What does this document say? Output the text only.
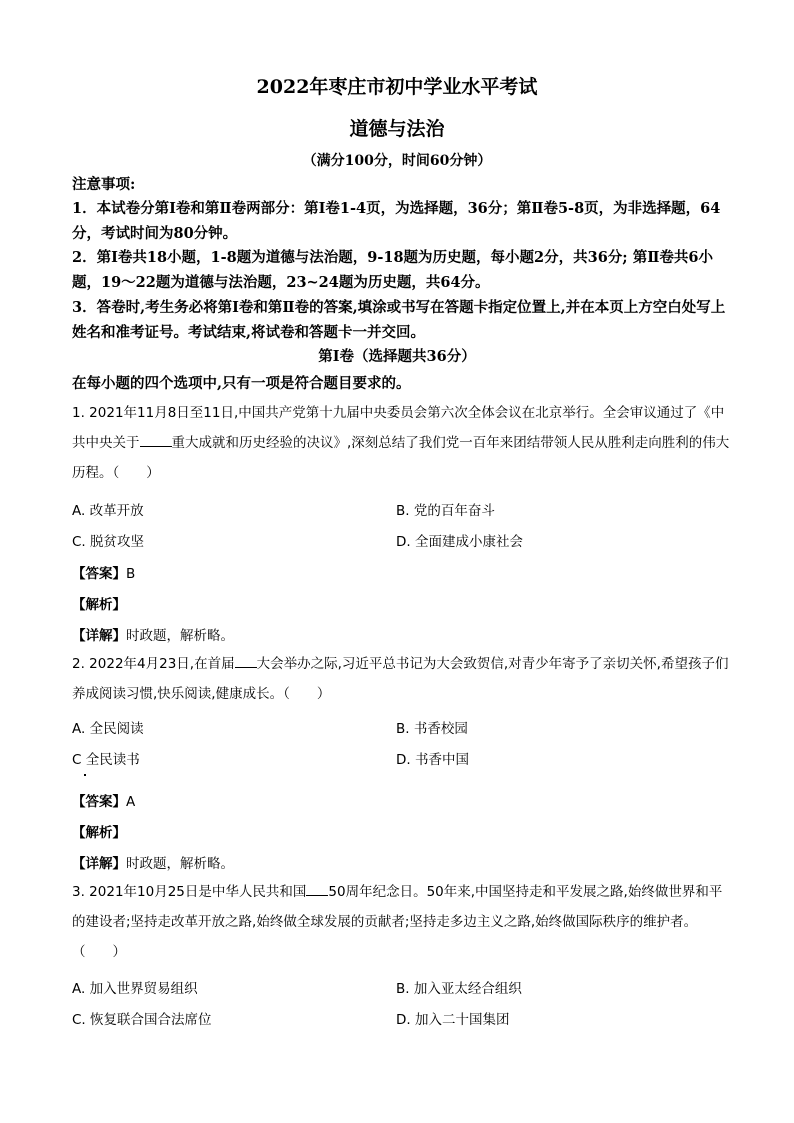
2022年枣庄市初中学业水平考试
道德与法治
（满分100分，时间60分钟）
注意事项:
1．本试卷分第Ⅰ卷和第Ⅱ卷两部分：第Ⅰ卷1-4页，为选择题，36分；第Ⅱ卷5-8页，为非选择题，64分，考试时间为80分钟。
2．第Ⅰ卷共18小题，1-8题为道德与法治题，9-18题为历史题，每小题2分，共36分; 第Ⅱ卷共6小题，19～22题为道德与法治题，23~24题为历史题，共64分。
3．答卷时,考生务必将第Ⅰ卷和第Ⅱ卷的答案,填涂或书写在答题卡指定位置上,并在本页上方空白处写上姓名和准考证号。考试结束,将试卷和答题卡一并交回。
第Ⅰ卷（选择题共36分）
在每小题的四个选项中,只有一项是符合题目要求的。
1. 2021年11月8日至11日,中国共产党第十九届中央委员会第六次全体会议在北京举行。全会审议通过了《中共中央关于 重大成就和历史经验的决议》,深刻总结了我们党一百年来团结带领人民从胜利走向胜利的伟大历程。（　　）
A. 改革开放	B. 党的百年奋斗
C. 脱贫攻坚	D. 全面建成小康社会
【答案】B
【解析】
【详解】时政题，解析略。
2. 2022年4月23日,在首届 大会举办之际,习近平总书记为大会致贺信,对青少年寄予了亲切关怀,希望孩子们养成阅读习惯,快乐阅读,健康成长。（　　）
A. 全民阅读	B. 书香校园
C 全民读书	D. 书香中国
【答案】A
【解析】
【详解】时政题，解析略。
3. 2021年10月25日是中华人民共和国 50周年纪念日。50年来,中国坚持走和平发展之路,始终做世界和平的建设者;坚持走改革开放之路,始终做全球发展的贡献者;坚持走多边主义之路,始终做国际秩序的维护者。（　　）
A. 加入世界贸易组织	B. 加入亚太经合组织
C. 恢复联合国合法席位	D. 加入二十国集团
